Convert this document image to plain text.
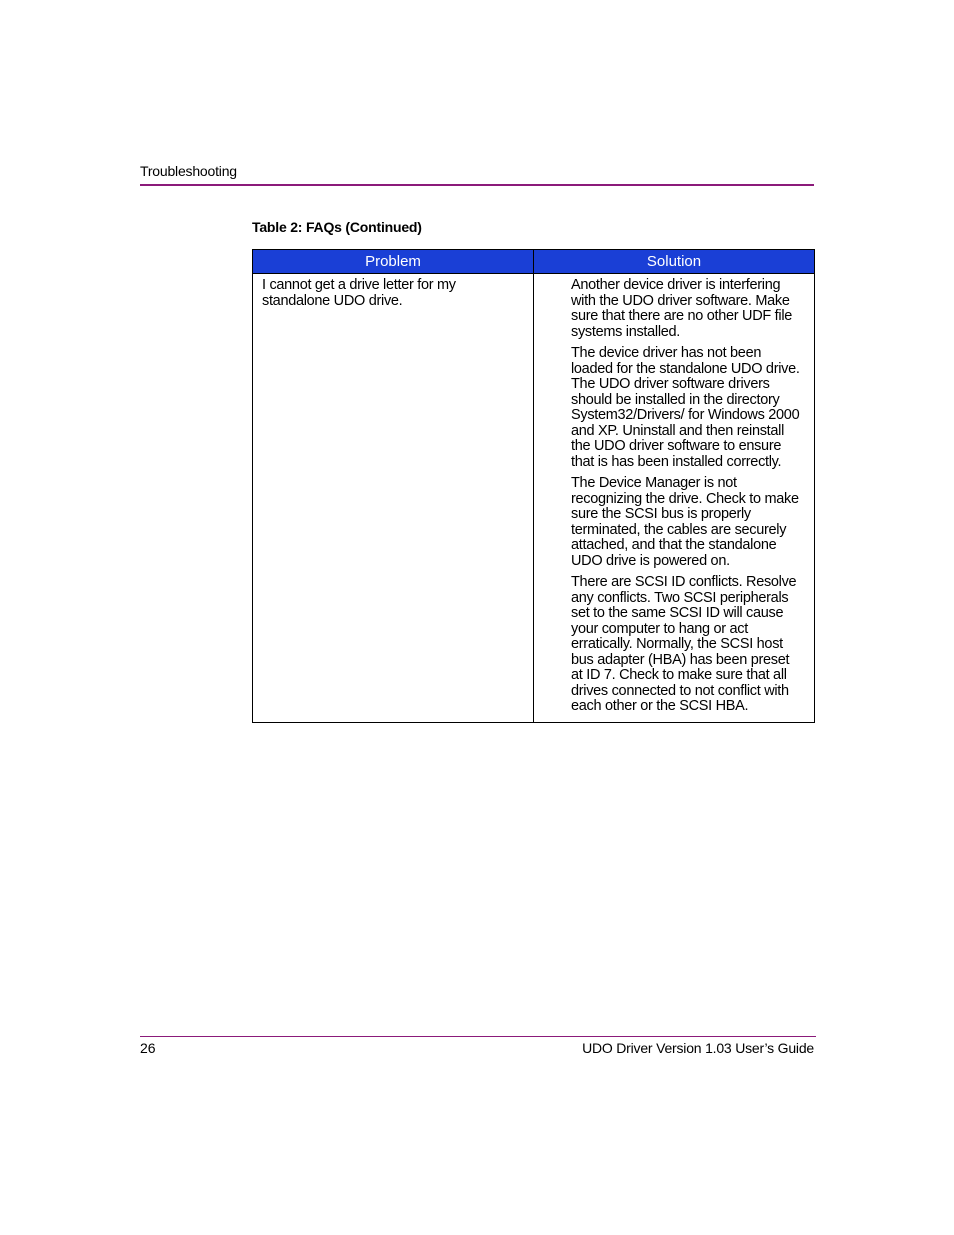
Troubleshooting
Table 2: FAQs (Continued)
Problem	Solution
I cannot get a drive letter for my standalone UDO drive.	Another device driver is interfering with the UDO driver software. Make sure that there are no other UDF file systems installed.

The device driver has not been loaded for the standalone UDO drive. The UDO driver software drivers should be installed in the directory System32/Drivers/ for Windows 2000 and XP. Uninstall and then reinstall the UDO driver software to ensure that is has been installed correctly.

The Device Manager is not recognizing the drive. Check to make sure the SCSI bus is properly terminated, the cables are securely attached, and that the standalone UDO drive is powered on.

There are SCSI ID conflicts. Resolve any conflicts. Two SCSI peripherals set to the same SCSI ID will cause your computer to hang or act erratically. Normally, the SCSI host bus adapter (HBA) has been preset at ID 7. Check to make sure that all drives connected to not conflict with each other or the SCSI HBA.

26	UDO Driver Version 1.03 User’s Guide
